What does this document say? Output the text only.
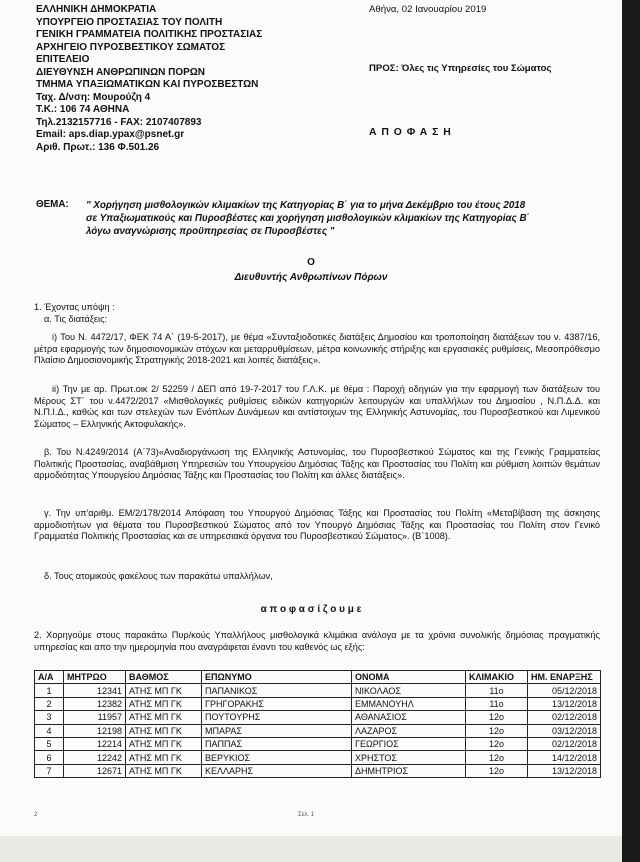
ΕΛΛΗΝΙΚΗ ΔΗΜΟΚΡΑΤΙΑ
ΥΠΟΥΡΓΕΙΟ ΠΡΟΣΤΑΣΙΑΣ ΤΟΥ ΠΟΛΙΤΗ
ΓΕΝΙΚΗ ΓΡΑΜΜΑΤΕΙΑ ΠΟΛΙΤΙΚΗΣ ΠΡΟΣΤΑΣΙΑΣ
ΑΡΧΗΓΕΙΟ ΠΥΡΟΣΒΕΣΤΙΚΟΥ ΣΩΜΑΤΟΣ
ΕΠΙΤΕΛΕΙΟ
ΔΙΕΥΘΥΝΣΗ ΑΝΘΡΩΠΙΝΩΝ ΠΟΡΩΝ
ΤΜΗΜΑ ΥΠΑΞΙΩΜΑΤΙΚΩΝ ΚΑΙ ΠΥΡΟΣΒΕΣΤΩΝ
Ταχ. Δ/νση: Μουρούζη 4
Τ.Κ.: 106 74 ΑΘΗΝΑ
Τηλ.2132157716 - FAX: 2107407893
Email: aps.diap.ypax@psnet.gr
Αριθ. Πρωτ.: 136 Φ.501.26
Αθήνα, 02 Ιανουαρίου 2019
ΠΡΟΣ: Όλες τις Υπηρεσίες του Σώματος
Α Π Ο Φ Α Σ Η
ΘΕΜΑ: " Χορήγηση μισθολογικών κλιμακίων της Κατηγορίας Β΄ για το μήνα Δεκέμβριο του έτους 2018
σε Υπαξιωματικούς και Πυροσβέστες και χορήγηση μισθολογικών κλιμακίων της Κατηγορίας Β΄
λόγω αναγνώρισης προϋπηρεσίας σε Πυροσβέστες "
Ο
Διευθυντής Ανθρωπίνων Πόρων
1. Έχοντας υπόψη :
α. Τις διατάξεις:
i) Του Ν. 4472/17, ΦΕΚ 74 Α΄ (19-5-2017), με θέμα «Συνταξιοδοτικές διατάξεις Δημοσίου και τροποποίηση διατάξεων του ν. 4387/16, μέτρα εφαρμογής των δημοσιονομικών στόχων και μεταρρυθμίσεων, μέτρα κοινωνικής στήριξης και εργασιακές ρυθμίσεις, Μεσοπρόθεσμο Πλαίσιο Δημοσιονομικής Στρατηγικής 2018-2021 και λοιπές διατάξεις».
ii) Την με αρ. Πρωτ.οικ 2/ 52259 / ΔΕΠ από 19-7-2017 του Γ.Λ.Κ. με θέμα : Παροχή οδηγιών για την εφαρμογή των διατάξεων του Μέρους ΣΤ΄ του ν.4472/2017 «Μισθολογικές ρυθμίσεις ειδικών κατηγοριών λειτουργών και υπαλλήλων του Δημοσίου , Ν.Π.Δ.Δ. και Ν.Π.Ι.Δ., καθώς και των στελεχών των Ενόπλων Δυνάμεων και αντίστοιχων της Ελληνικής Αστυνομίας, του Πυροσβεστικού και Λιμενικού Σώματος – Ελληνικής Ακτοφυλακής».
β. Του Ν.4249/2014 (Α΄73)«Αναδιοργάνωση της Ελληνικής Αστυνομίας, του Πυροσβεστικού Σώματος και της Γενικής Γραμματείας Πολιτικής Προστασίας, αναβάθμιση Υπηρεσιών του Υπουργείου Δημόσιας Τάξης και Προστασίας του Πολίτη και ρύθμιση λοιπών θεμάτων αρμοδιότητας Υπουργείου Δημόσιας Τάξης και Προστασίας του Πολίτη και άλλες διατάξεις».
γ. Την υπ'αριθμ. ΕΜ/2/178/2014 Απόφαση του Υπουργού Δημόσιας Τάξης και Προστασίας του Πολίτη «Μεταβίβαση της άσκησης αρμοδιοτήτων για θέματα του Πυροσβεστικού Σώματος από τον Υπουργό Δημόσιας Τάξης και Προστασίας του Πολίτη στον Γενικό Γραμματέα Πολιτικής Προστασίας και σε υπηρεσιακά όργανα του Πυροσβεστικού Σώματος». (Β΄1008).
δ. Τους ατομικούς φακέλους των παρακάτω υπαλλήλων,
α π ο φ α σ ί ζ ο υ μ ε
2. Χορηγούμε στους παρακάτω Πυρ/κούς Υπαλλήλους μισθολογικά κλιμάκια ανάλογα με τα χρόνια συνολικής δημόσιας πραγματικής υπηρεσίας και απο την ημερομηνία που αναγράφεται έναντι του καθενός ως εξής:
Α/Α	ΜΗΤΡΩΟ	ΒΑΘΜΟΣ	ΕΠΩΝΥΜΟ	ΟΝΟΜΑ	ΚΛΙΜΑΚΙΟ	ΗΜ. ΕΝΑΡΞΗΣ
1	12341	ΑΤΗΣ ΜΠ ΓΚ	ΠΑΠΑΝΙΚΟΣ	ΝΙΚΟΛΑΟΣ	11ο	05/12/2018
2	12382	ΑΤΗΣ ΜΠ ΓΚ	ΓΡΗΓΟΡΑΚΗΣ	ΕΜΜΑΝΟΥΗΛ	11ο	13/12/2018
3	11957	ΑΤΗΣ ΜΠ ΓΚ	ΠΟΥΤΟΥΡΗΣ	ΑΘΑΝΑΣΙΟΣ	12ο	02/12/2018
4	12198	ΑΤΗΣ ΜΠ ΓΚ	ΜΠΑΡΑΣ	ΛΑΖΑΡΟΣ	12ο	03/12/2018
5	12214	ΑΤΗΣ ΜΠ ΓΚ	ΠΑΠΠΑΣ	ΓΕΩΡΓΙΟΣ	12ο	02/12/2018
6	12242	ΑΤΗΣ ΜΠ ΓΚ	ΒΕΡΥΚΙΟΣ	ΧΡΗΣΤΟΣ	12ο	14/12/2018
7	12671	ΑΤΗΣ ΜΠ ΓΚ	ΚΕΛΛΑΡΗΣ	ΔΗΜΗΤΡΙΟΣ	12ο	13/12/2018
2	Σελ. 1
